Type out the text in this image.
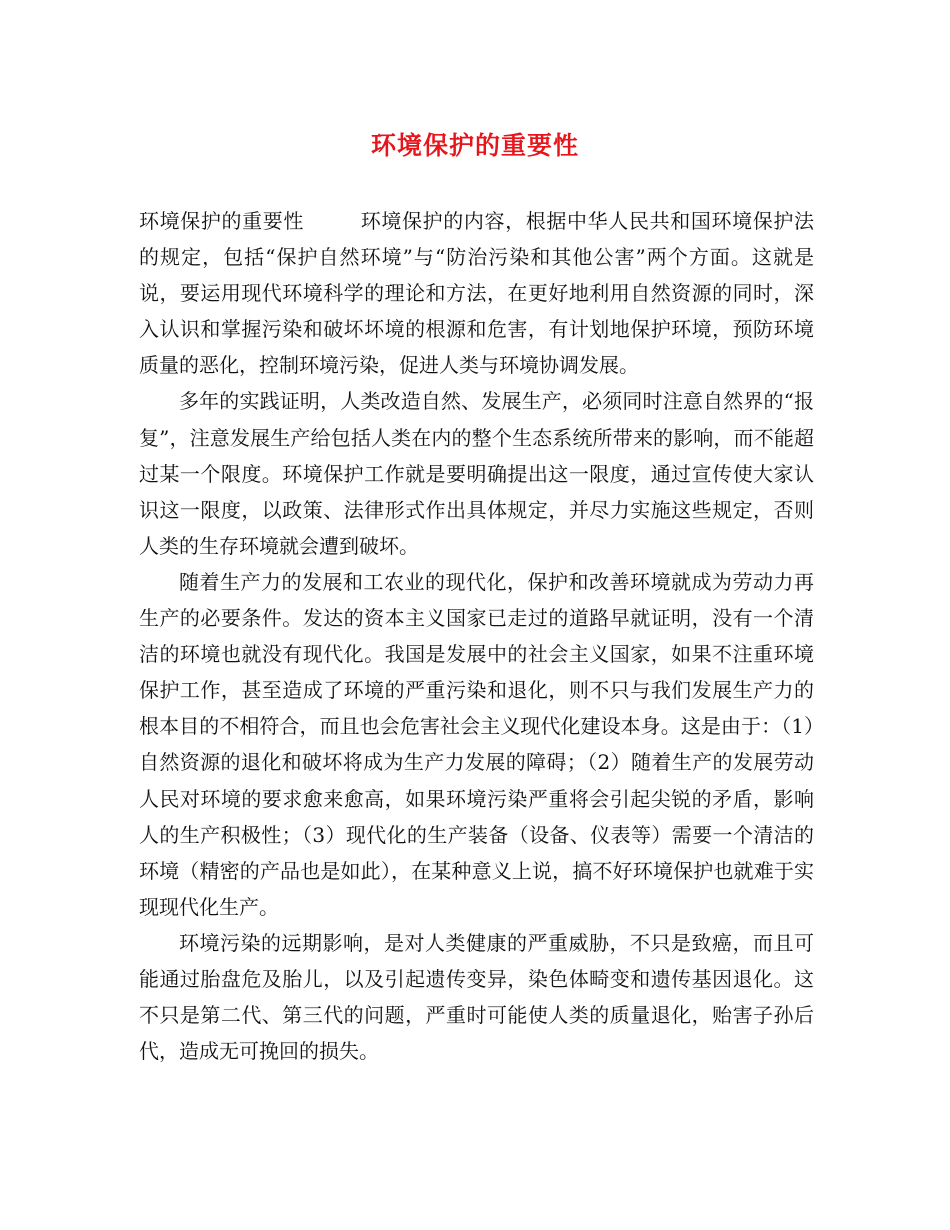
环境保护的重要性

环境保护的重要性	环境保护的内容，根据中华人民共和国环境保护法的规定，包括“保护自然环境”与“防治污染和其他公害”两个方面。这就是说，要运用现代环境科学的理论和方法，在更好地利用自然资源的同时，深入认识和掌握污染和破坏坏境的根源和危害，有计划地保护环境，预防环境质量的恶化，控制环境污染，促进人类与环境协调发展。

多年的实践证明，人类改造自然、发展生产，必须同时注意自然界的“报复”，注意发展生产给包括人类在内的整个生态系统所带来的影响，而不能超过某一个限度。环境保护工作就是要明确提出这一限度，通过宣传使大家认识这一限度，以政策、法律形式作出具体规定，并尽力实施这些规定，否则人类的生存环境就会遭到破坏。

随着生产力的发展和工农业的现代化，保护和改善环境就成为劳动力再生产的必要条件。发达的资本主义国家已走过的道路早就证明，没有一个清洁的环境也就没有现代化。我国是发展中的社会主义国家，如果不注重环境保护工作，甚至造成了环境的严重污染和退化，则不只与我们发展生产力的根本目的不相符合，而且也会危害社会主义现代化建设本身。这是由于：（1）自然资源的退化和破坏将成为生产力发展的障碍；（2）随着生产的发展劳动人民对环境的要求愈来愈高，如果环境污染严重将会引起尖锐的矛盾，影响人的生产积极性；（3）现代化的生产装备（设备、仪表等）需要一个清洁的环境（精密的产品也是如此），在某种意义上说，搞不好环境保护也就难于实现现代化生产。

环境污染的远期影响，是对人类健康的严重威胁，不只是致癌，而且可能通过胎盘危及胎儿，以及引起遗传变异，染色体畸变和遗传基因退化。这不只是第二代、第三代的问题，严重时可能使人类的质量退化，贻害子孙后代，造成无可挽回的损失。
